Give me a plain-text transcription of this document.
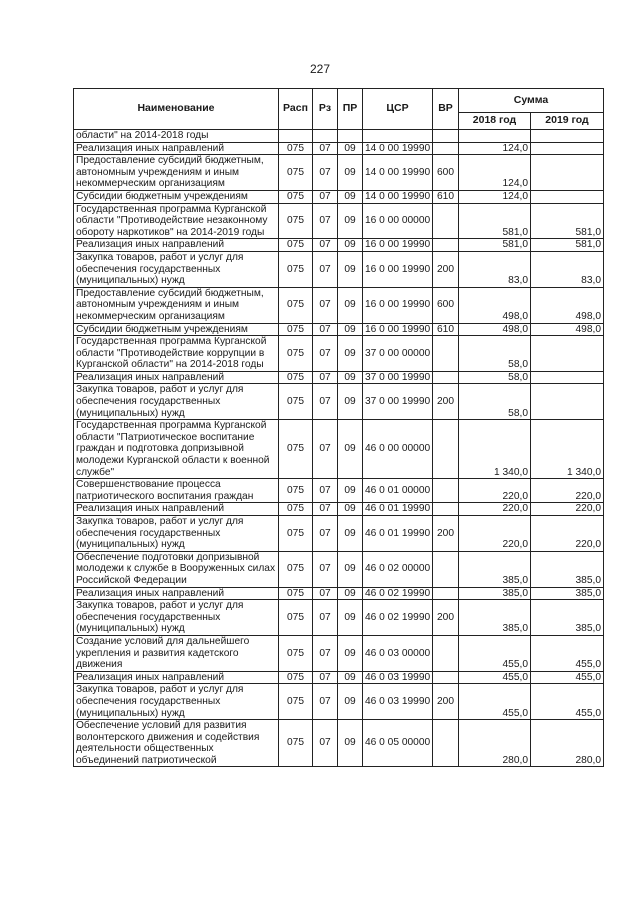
227
Наименование	Расп	Рз	ПР	ЦСР	ВР	Сумма	
						2018 год	2019 год
области" на 2014-2018 годы							
Реализация иных направлений	075	07	09	14 0 00 19990		124,0	
Предоставление субсидий бюджетным, автономным учреждениям и иным некоммерческим организациям	075	07	09	14 0 00 19990	600	124,0	
Субсидии бюджетным учреждениям	075	07	09	14 0 00 19990	610	124,0	
Государственная программа Курганской области "Противодействие незаконному обороту наркотиков" на 2014-2019 годы	075	07	09	16 0 00 00000		581,0	581,0
Реализация иных направлений	075	07	09	16 0 00 19990		581,0	581,0
Закупка товаров, работ и услуг для обеспечения государственных (муниципальных) нужд	075	07	09	16 0 00 19990	200	83,0	83,0
Предоставление субсидий бюджетным, автономным учреждениям и иным некоммерческим организациям	075	07	09	16 0 00 19990	600	498,0	498,0
Субсидии бюджетным учреждениям	075	07	09	16 0 00 19990	610	498,0	498,0
Государственная программа Курганской области "Противодействие коррупции в Курганской области" на 2014-2018 годы	075	07	09	37 0 00 00000		58,0	
Реализация иных направлений	075	07	09	37 0 00 19990		58,0	
Закупка товаров, работ и услуг для обеспечения государственных (муниципальных) нужд	075	07	09	37 0 00 19990	200	58,0	
Государственная программа Курганской области "Патриотическое воспитание граждан и подготовка допризывной молодежи Курганской области к военной службе"	075	07	09	46 0 00 00000		1 340,0	1 340,0
Совершенствование процесса патриотического воспитания граждан	075	07	09	46 0 01 00000		220,0	220,0
Реализация иных направлений	075	07	09	46 0 01 19990		220,0	220,0
Закупка товаров, работ и услуг для обеспечения государственных (муниципальных) нужд	075	07	09	46 0 01 19990	200	220,0	220,0
Обеспечение подготовки допризывной молодежи к службе в Вооруженных силах Российской Федерации	075	07	09	46 0 02 00000		385,0	385,0
Реализация иных направлений	075	07	09	46 0 02 19990		385,0	385,0
Закупка товаров, работ и услуг для обеспечения государственных (муниципальных) нужд	075	07	09	46 0 02 19990	200	385,0	385,0
Создание условий для дальнейшего укрепления и развития кадетского движения	075	07	09	46 0 03 00000		455,0	455,0
Реализация иных направлений	075	07	09	46 0 03 19990		455,0	455,0
Закупка товаров, работ и услуг для обеспечения государственных (муниципальных) нужд	075	07	09	46 0 03 19990	200	455,0	455,0
Обеспечение условий для развития волонтерского движения и содействия деятельности общественных объединений патриотической	075	07	09	46 0 05 00000		280,0	280,0
